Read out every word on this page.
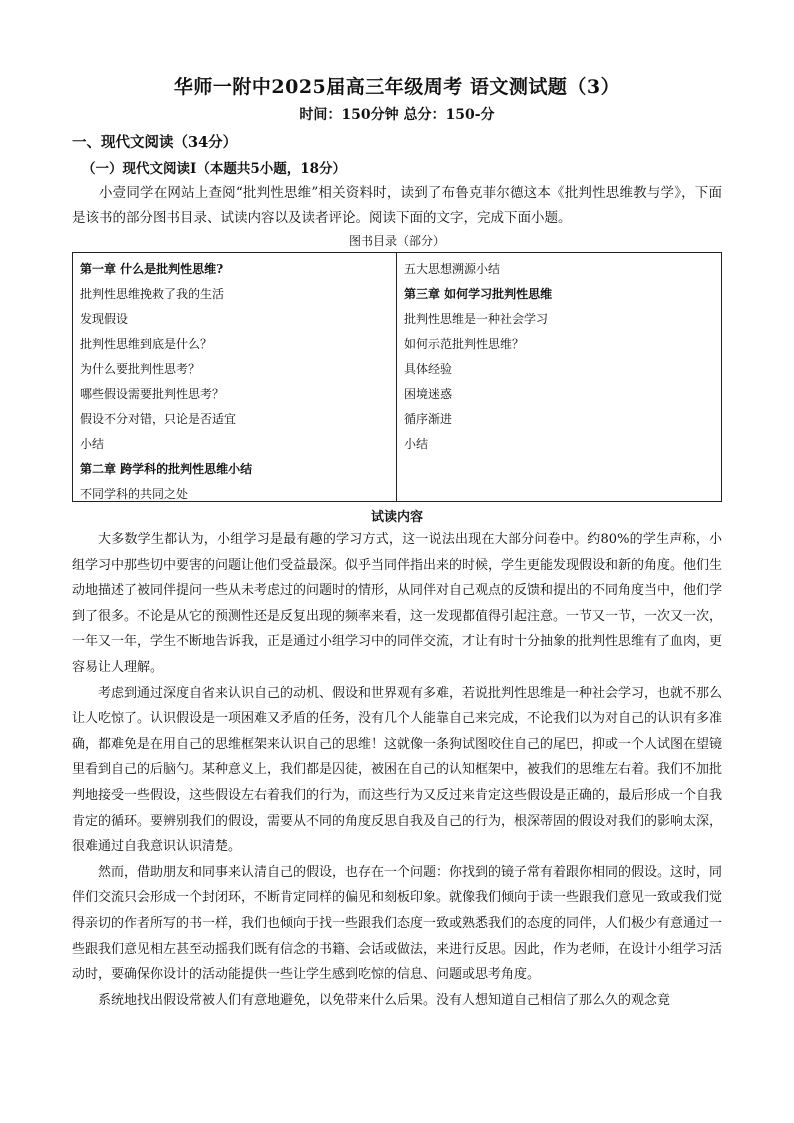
华师一附中2025届高三年级周考 语文测试题（3）
时间：150分钟 总分：150-分
一、现代文阅读（34分）
（一）现代文阅读I（本题共5小题，18分）
小壹同学在网站上查阅“批判性思维”相关资料时，读到了布鲁克菲尔德这本《批判性思维教与学》，下面是该书的部分图书目录、试读内容以及读者评论。阅读下面的文字，完成下面小题。
图书目录（部分）
第一章 什么是批判性思维?
批判性思维挽救了我的生活
发现假设
批判性思维到底是什么？
为什么要批判性思考？
哪些假设需要批判性思考？
假设不分对错，只论是否适宜
小结
第二章 跨学科的批判性思维小结
不同学科的共同之处
五大思想溯源小结
第三章 如何学习批判性思维
批判性思维是一种社会学习
如何示范批判性思维？
具体经验
困境迷惑
循序渐进
小结
试读内容

大多数学生都认为，小组学习是最有趣的学习方式，这一说法出现在大部分问卷中。约80%的学生声称，小组学习中那些切中要害的问题让他们受益最深。似乎当同伴指出来的时候，学生更能发现假设和新的角度。他们生动地描述了被同伴提问一些从未考虑过的问题时的情形，从同伴对自己观点的反馈和提出的不同角度当中，他们学到了很多。不论是从它的预测性还是反复出现的频率来看，这一发现都值得引起注意。一节又一节，一次又一次，一年又一年，学生不断地告诉我，正是通过小组学习中的同伴交流，才让有时十分抽象的批判性思维有了血肉，更容易让人理解。

考虑到通过深度自省来认识自己的动机、假设和世界观有多难，若说批判性思维是一种社会学习，也就不那么让人吃惊了。认识假设是一项困难又矛盾的任务，没有几个人能靠自己来完成，不论我们以为对自己的认识有多准确，都难免是在用自己的思维框架来认识自己的思维！这就像一条狗试图咬住自己的尾巴，抑或一个人试图在望镜里看到自己的后脑勺。某种意义上，我们都是囚徒，被困在自己的认知框架中，被我们的思维左右着。我们不加批判地接受一些假设，这些假设左右着我们的行为，而这些行为又反过来肯定这些假设是正确的，最后形成一个自我肯定的循环。要辨别我们的假设，需要从不同的角度反思自我及自己的行为，根深蒂固的假设对我们的影响太深，很难通过自我意识认识清楚。

然而，借助朋友和同事来认清自己的假设，也存在一个问题：你找到的镜子常有着跟你相同的假设。这时，同伴们交流只会形成一个封闭环，不断肯定同样的偏见和刻板印象。就像我们倾向于读一些跟我们意见一致或我们觉得亲切的作者所写的书一样，我们也倾向于找一些跟我们态度一致或熟悉我们的态度的同伴，人们极少有意通过一些跟我们意见相左甚至动摇我们既有信念的书籍、会话或做法，来进行反思。因此，作为老师，在设计小组学习活动时，要确保你设计的活动能提供一些让学生感到吃惊的信息、问题或思考角度。

系统地找出假设常被人们有意地避免，以免带来什么后果。没有人想知道自己相信了那么久的观念竟
